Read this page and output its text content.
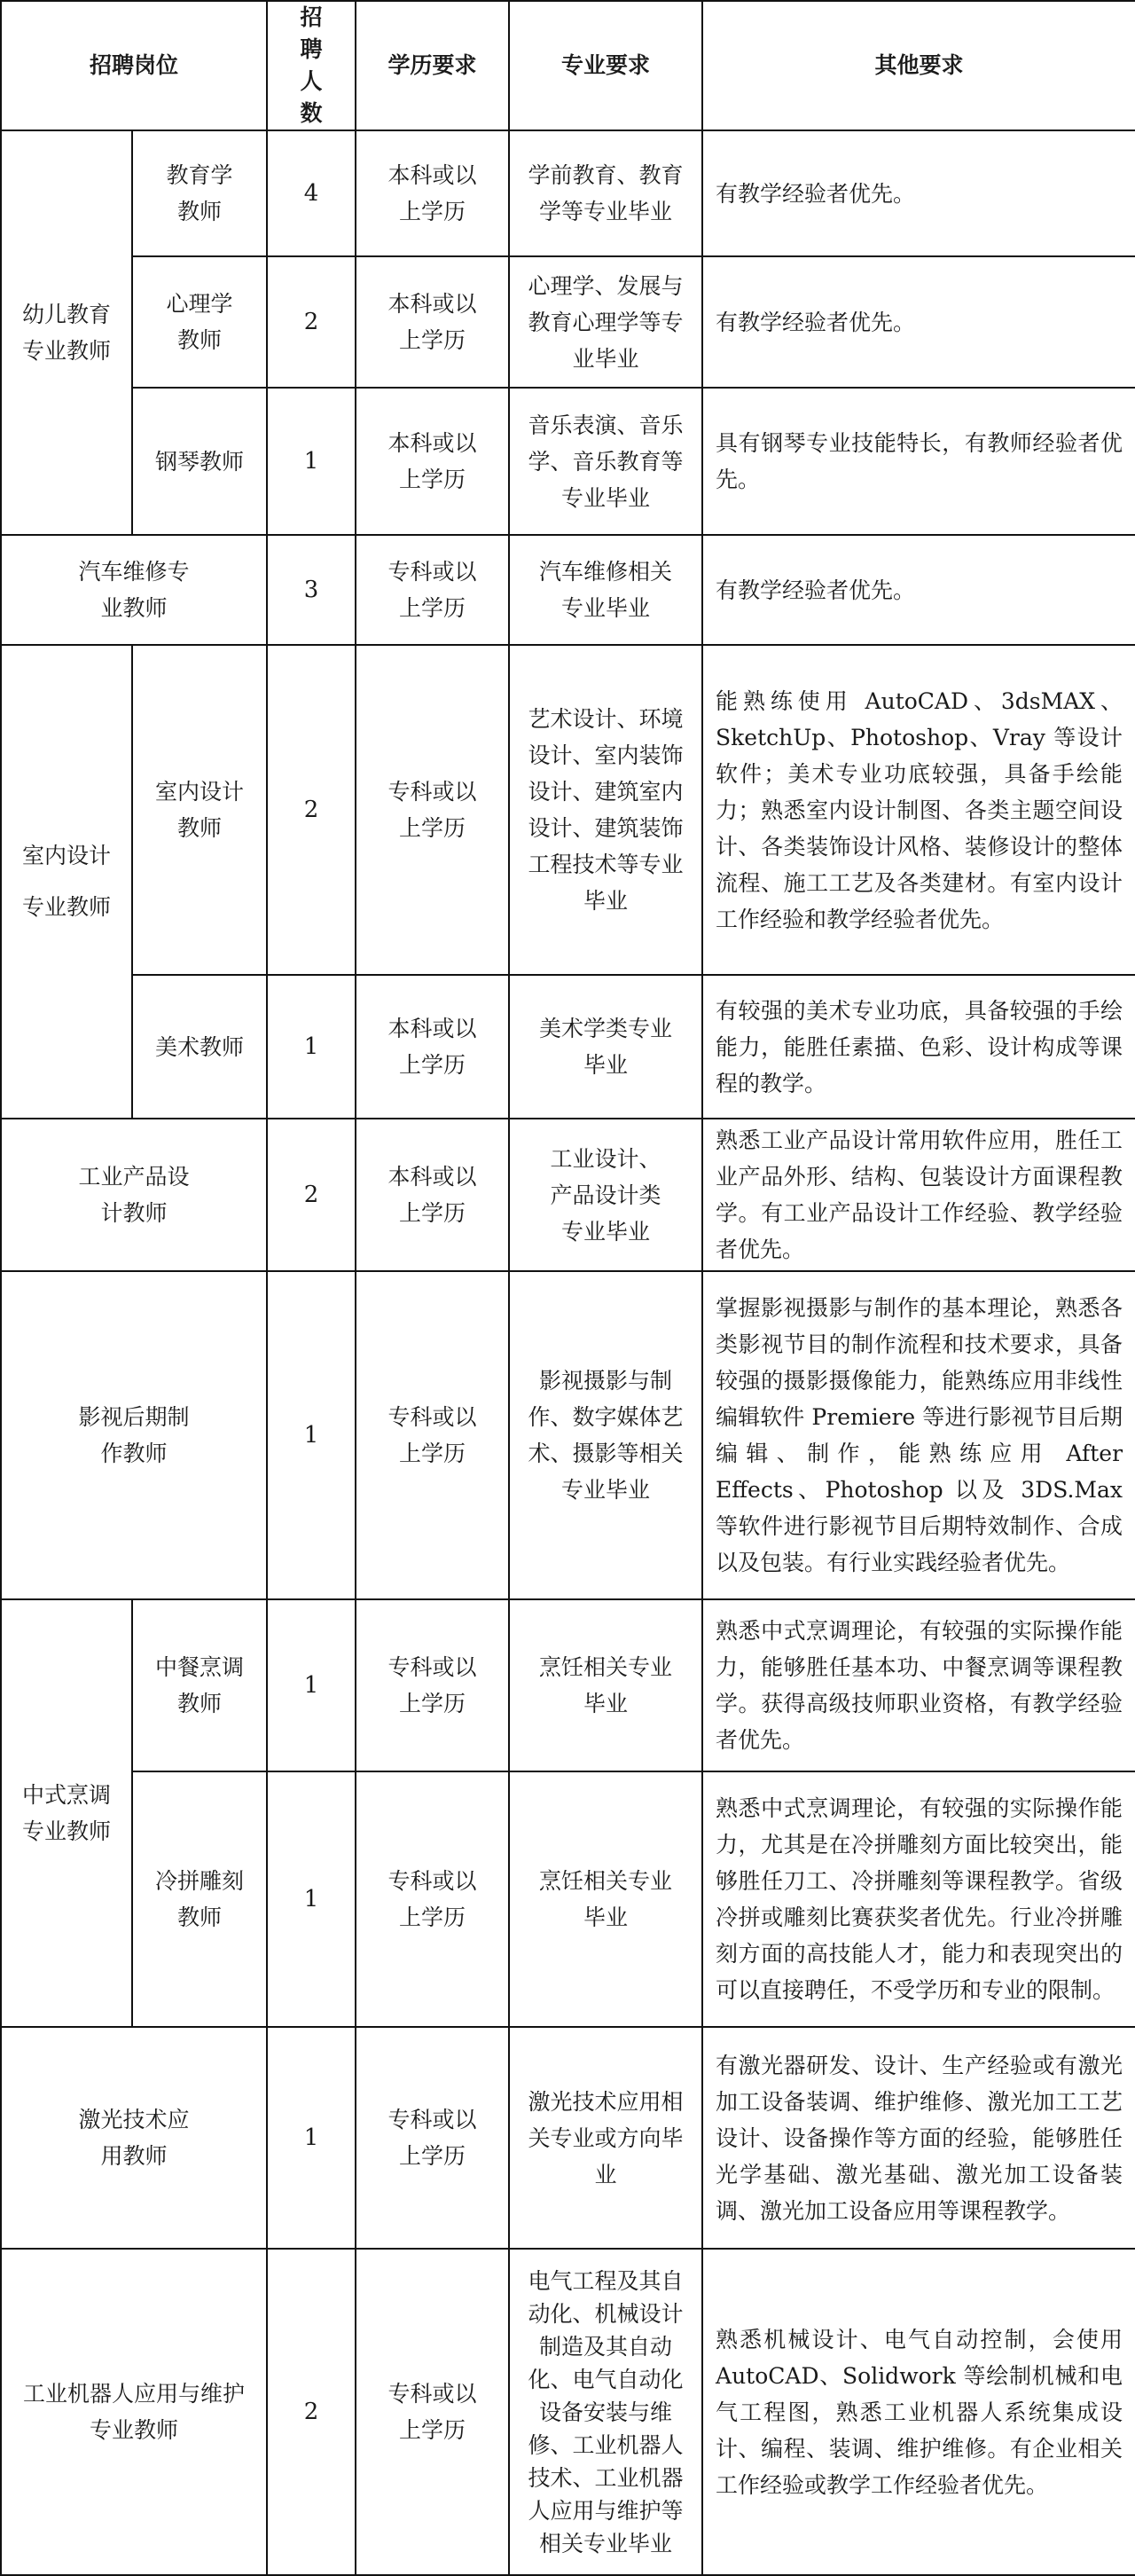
招聘岗位		招聘人数	学历要求	专业要求	其他要求
幼儿教育专业教师	教育学教师	4	本科或以上学历	学前教育、教育学等专业毕业	有教学经验者优先。
	心理学教师	2	本科或以上学历	心理学、发展与教育心理学等专业毕业	有教学经验者优先。
	钢琴教师	1	本科或以上学历	音乐表演、音乐学、音乐教育等专业毕业	具有钢琴专业技能特长，有教师经验者优先。
汽车维修专业教师		3	专科或以上学历	汽车维修相关专业毕业	有教学经验者优先。
室内设计专业教师	室内设计教师	2	专科或以上学历	艺术设计、环境设计、室内装饰设计、建筑室内设计、建筑装饰工程技术等专业毕业	能熟练使用 AutoCAD、3dsMAX、SketchUp、Photoshop、Vray 等设计软件；美术专业功底较强，具备手绘能力；熟悉室内设计制图、各类主题空间设计、各类装饰设计风格、装修设计的整体流程、施工工艺及各类建材。有室内设计工作经验和教学经验者优先。
	美术教师	1	本科或以上学历	美术学类专业毕业	有较强的美术专业功底，具备较强的手绘能力，能胜任素描、色彩、设计构成等课程的教学。
工业产品设计教师		2	本科或以上学历	工业设计、产品设计类专业毕业	熟悉工业产品设计常用软件应用，胜任工业产品外形、结构、包装设计方面课程教学。有工业产品设计工作经验、教学经验者优先。
影视后期制作教师		1	专科或以上学历	影视摄影与制作、数字媒体艺术、摄影等相关专业毕业	掌握影视摄影与制作的基本理论，熟悉各类影视节目的制作流程和技术要求，具备较强的摄影摄像能力，能熟练应用非线性编辑软件 Premiere 等进行影视节目后期编辑、制作，能熟练应用 After Effects、Photoshop 以及 3DS.Max 等软件进行影视节目后期特效制作、合成以及包装。有行业实践经验者优先。
中式烹调专业教师	中餐烹调教师	1	专科或以上学历	烹饪相关专业毕业	熟悉中式烹调理论，有较强的实际操作能力，能够胜任基本功、中餐烹调等课程教学。获得高级技师职业资格，有教学经验者优先。
	冷拼雕刻教师	1	专科或以上学历	烹饪相关专业毕业	熟悉中式烹调理论，有较强的实际操作能力，尤其是在冷拼雕刻方面比较突出，能够胜任刀工、冷拼雕刻等课程教学。省级冷拼或雕刻比赛获奖者优先。行业冷拼雕刻方面的高技能人才，能力和表现突出的可以直接聘任，不受学历和专业的限制。
激光技术应用教师		1	专科或以上学历	激光技术应用相关专业或方向毕业	有激光器研发、设计、生产经验或有激光加工设备装调、维护维修、激光加工工艺设计、设备操作等方面的经验，能够胜任光学基础、激光基础、激光加工设备装调、激光加工设备应用等课程教学。
工业机器人应用与维护专业教师		2	专科或以上学历	电气工程及其自动化、机械设计制造及其自动化、电气自动化设备安装与维修、工业机器人技术、工业机器人应用与维护等相关专业毕业	熟悉机械设计、电气自动控制，会使用 AutoCAD、Solidwork 等绘制机械和电气工程图，熟悉工业机器人系统集成设计、编程、装调、维护维修。有企业相关工作经验或教学工作经验者优先。
